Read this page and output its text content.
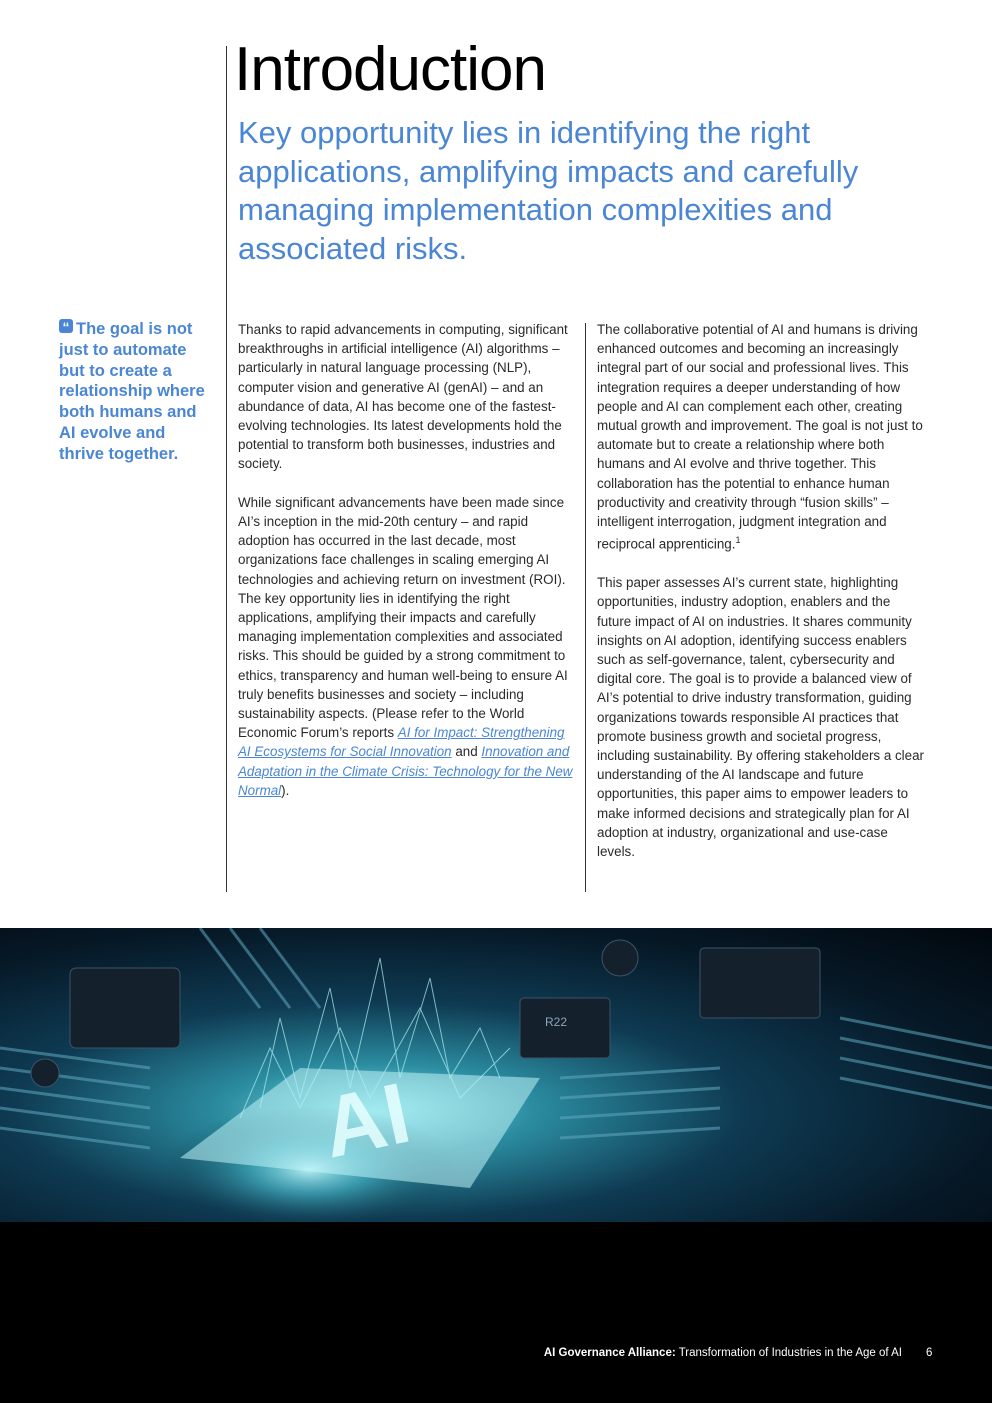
Introduction
Key opportunity lies in identifying the right applications, amplifying impacts and carefully managing implementation complexities and associated risks.
“ The goal is not just to automate but to create a relationship where both humans and AI evolve and thrive together.

Thanks to rapid advancements in computing, significant breakthroughs in artificial intelligence (AI) algorithms – particularly in natural language processing (NLP), computer vision and generative AI (genAI) – and an abundance of data, AI has become one of the fastest-evolving technologies. Its latest developments hold the potential to transform both businesses, industries and society.

While significant advancements have been made since AI’s inception in the mid-20th century – and rapid adoption has occurred in the last decade, most organizations face challenges in scaling emerging AI technologies and achieving return on investment (ROI). The key opportunity lies in identifying the right applications, amplifying their impacts and carefully managing implementation complexities and associated risks. This should be guided by a strong commitment to ethics, transparency and human well-being to ensure AI truly benefits businesses and society – including sustainability aspects. (Please refer to the World Economic Forum’s reports AI for Impact: Strengthening AI Ecosystems for Social Innovation and Innovation and Adaptation in the Climate Crisis: Technology for the New Normal).

The collaborative potential of AI and humans is driving enhanced outcomes and becoming an increasingly integral part of our social and professional lives. This integration requires a deeper understanding of how people and AI can complement each other, creating mutual growth and improvement. The goal is not just to automate but to create a relationship where both humans and AI evolve and thrive together. This collaboration has the potential to enhance human productivity and creativity through “fusion skills” – intelligent interrogation, judgment integration and reciprocal apprenticing.$^1$

This paper assesses AI’s current state, highlighting opportunities, industry adoption, enablers and the future impact of AI on industries. It shares community insights on AI adoption, identifying success enablers such as self-governance, talent, cybersecurity and digital core. The goal is to provide a balanced view of AI’s potential to drive industry transformation, guiding organizations towards responsible AI practices that promote business growth and societal progress, including sustainability. By offering stakeholders a clear understanding of the AI landscape and future opportunities, this paper aims to empower leaders to make informed decisions and strategically plan for AI adoption at industry, organizational and use-case levels.

AI
R22
AI Governance Alliance: Transformation of Industries in the Age of AI 6
